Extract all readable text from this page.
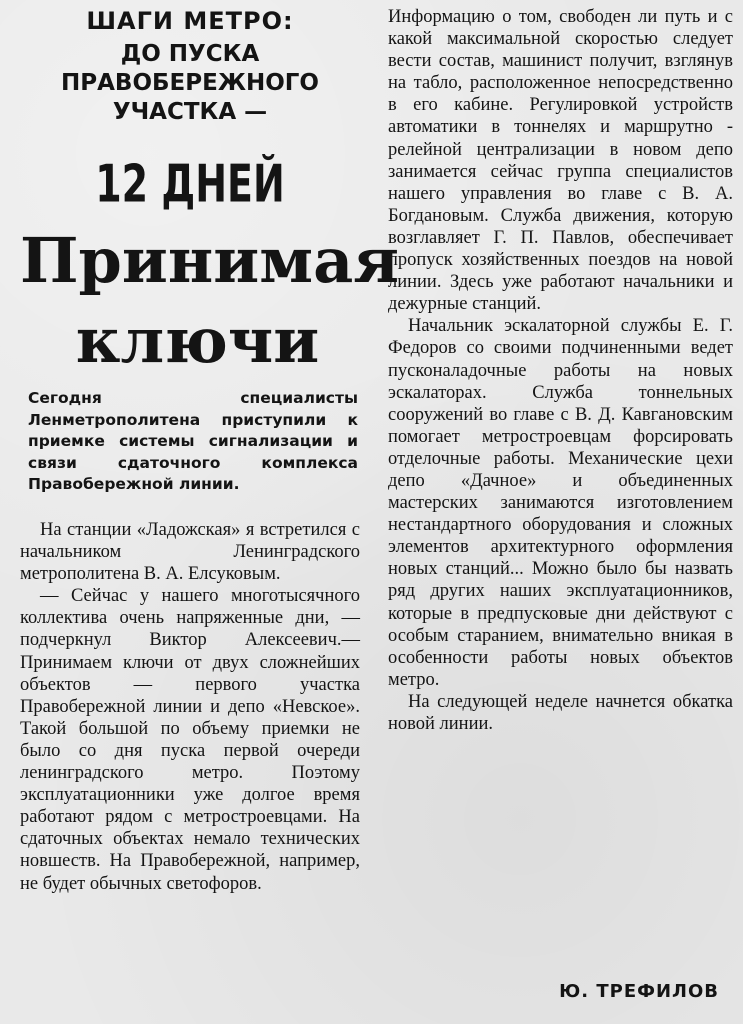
ШАГИ МЕТРО:
ДО ПУСКА
ПРАВОБЕРЕЖНОГО
УЧАСТКА —
12 ДНЕЙ
Принимая
ключи
Сегодня специалисты Ленметрополитена приступили к приемке системы сигнализации и связи сдаточного комплекса Правобережной линии.

На станции «Ладожская» я встретился с начальником Ленинградского метрополитена В. А. Елсуковым.

— Сейчас у нашего многотысячного коллектива очень напряженные дни, — подчеркнул Виктор Алексеевич.—Принимаем ключи от двух сложнейших объектов — первого участка Правобережной линии и депо «Невское». Такой большой по объему приемки не было со дня пуска первой очереди ленинградского метро. Поэтому эксплуатационники уже долгое время работают рядом с метростроевцами. На сдаточных объектах немало технических новшеств. На Правобережной, например, не будет обычных светофоров.

Информацию о том, свободен ли путь и с какой максимальной скоростью следует вести состав, машинист получит, взглянув на табло, расположенное непосредственно в его кабине. Регулировкой устройств автоматики в тоннелях и маршрутно - релейной централизации в новом депо занимается сейчас группа специалистов нашего управления во главе с В. А. Богдановым. Служба движения, которую возглавляет Г. П. Павлов, обеспечивает пропуск хозяйственных поездов на новой линии. Здесь уже работают начальники и дежурные станций.

Начальник эскалаторной службы Е. Г. Федоров со своими подчиненными ведет пусконаладочные работы на новых эскалаторах. Служба тоннельных сооружений во главе с В. Д. Кавгановским помогает метростроевцам форсировать отделочные работы. Механические цехи депо «Дачное» и объединенных мастерских занимаются изготовлением нестандартного оборудования и сложных элементов архитектурного оформления новых станций... Можно было бы назвать ряд других наших эксплуатационников, которые в предпусковые дни действуют с особым старанием, внимательно вникая в особенности работы новых объектов метро.

На следующей неделе начнется обкатка новой линии.

Ю. ТРЕФИЛОВ
